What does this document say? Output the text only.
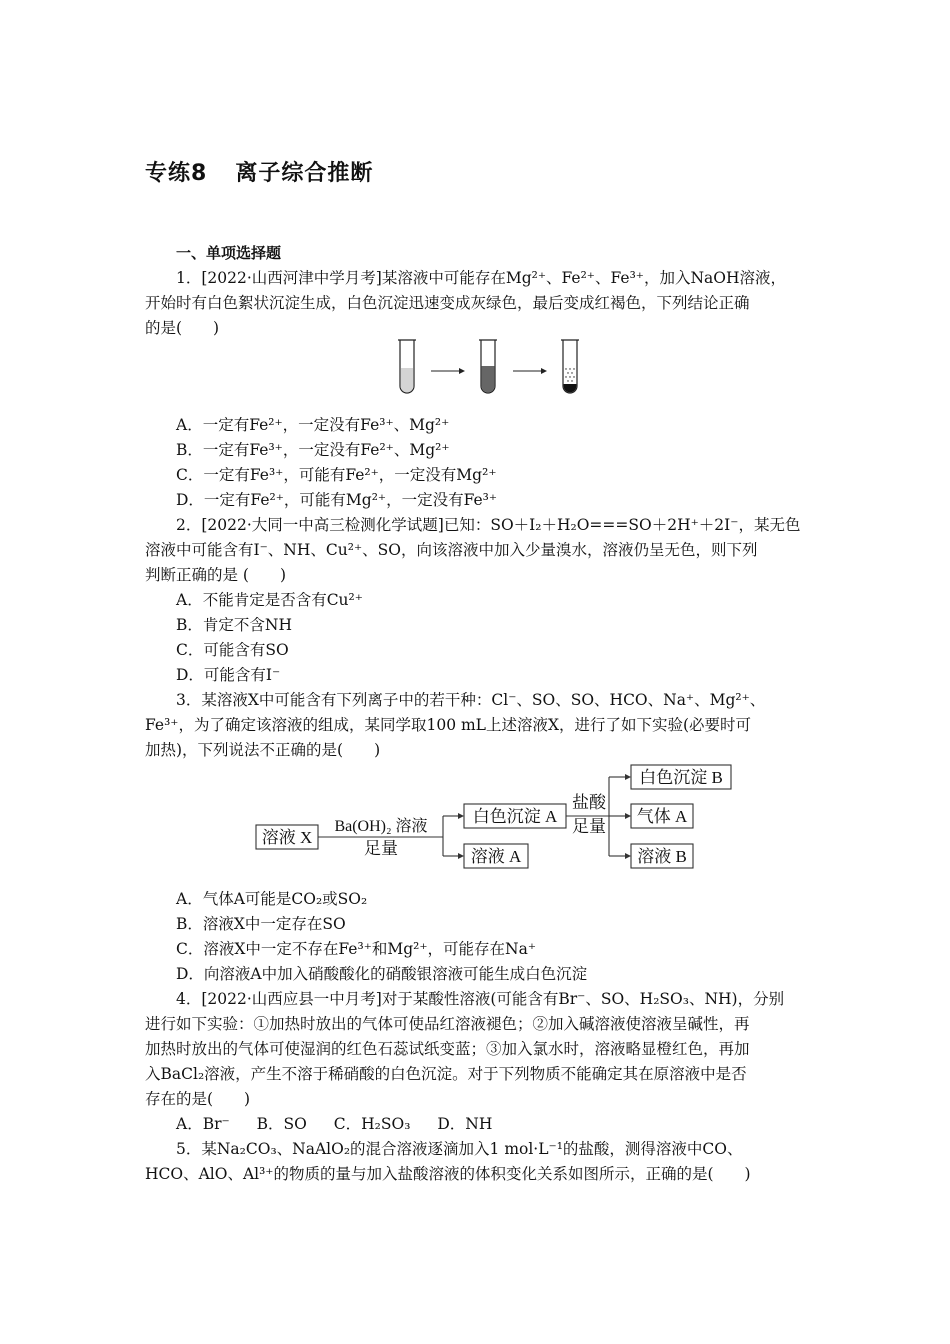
专练8 离子综合推断
一、单项选择题
1．[2022·山西河津中学月考]某溶液中可能存在Mg²⁺、Fe²⁺、Fe³⁺，加入NaOH溶液，
开始时有白色絮状沉淀生成，白色沉淀迅速变成灰绿色，最后变成红褐色，下列结论正确
的是(　　)
A．一定有Fe²⁺，一定没有Fe³⁺、Mg²⁺
B．一定有Fe³⁺，一定没有Fe²⁺、Mg²⁺
C．一定有Fe³⁺，可能有Fe²⁺，一定没有Mg²⁺
D．一定有Fe²⁺，可能有Mg²⁺，一定没有Fe³⁺
2．[2022·大同一中高三检测化学试题]已知：SO＋I₂＋H₂O===SO＋2H⁺＋2I⁻，某无色
溶液中可能含有I⁻、NH、Cu²⁺、SO，向该溶液中加入少量溴水，溶液仍呈无色，则下列
判断正确的是 (　　)
A．不能肯定是否含有Cu²⁺
B．肯定不含NH
C．可能含有SO
D．可能含有I⁻
3．某溶液X中可能含有下列离子中的若干种：Cl⁻、SO、SO、HCO、Na⁺、Mg²⁺、
Fe³⁺，为了确定该溶液的组成，某同学取100 mL上述溶液X，进行了如下实验(必要时可
加热)，下列说法不正确的是(　　)
溶液 X
Ba(OH)₂ 溶液
足量
白色沉淀 A
溶液 A
盐酸
足量
白色沉淀 B
气体 A
溶液 B
A．气体A可能是CO₂或SO₂
B．溶液X中一定存在SO
C．溶液X中一定不存在Fe³⁺和Mg²⁺，可能存在Na⁺
D．向溶液A中加入硝酸酸化的硝酸银溶液可能生成白色沉淀
4．[2022·山西应县一中月考]对于某酸性溶液(可能含有Br⁻、SO、H₂SO₃、NH)，分别
进行如下实验：①加热时放出的气体可使品红溶液褪色；②加入碱溶液使溶液呈碱性，再
加热时放出的气体可使湿润的红色石蕊试纸变蓝；③加入氯水时，溶液略显橙红色，再加
入BaCl₂溶液，产生不溶于稀硝酸的白色沉淀。对于下列物质不能确定其在原溶液中是否
存在的是(　　)
A．Br⁻ B．SO C．H₂SO₃ D．NH
5．某Na₂CO₃、NaAlO₂的混合溶液逐滴加入1 mol·L⁻¹的盐酸，测得溶液中CO、
HCO、AlO、Al³⁺的物质的量与加入盐酸溶液的体积变化关系如图所示，正确的是(　　)
